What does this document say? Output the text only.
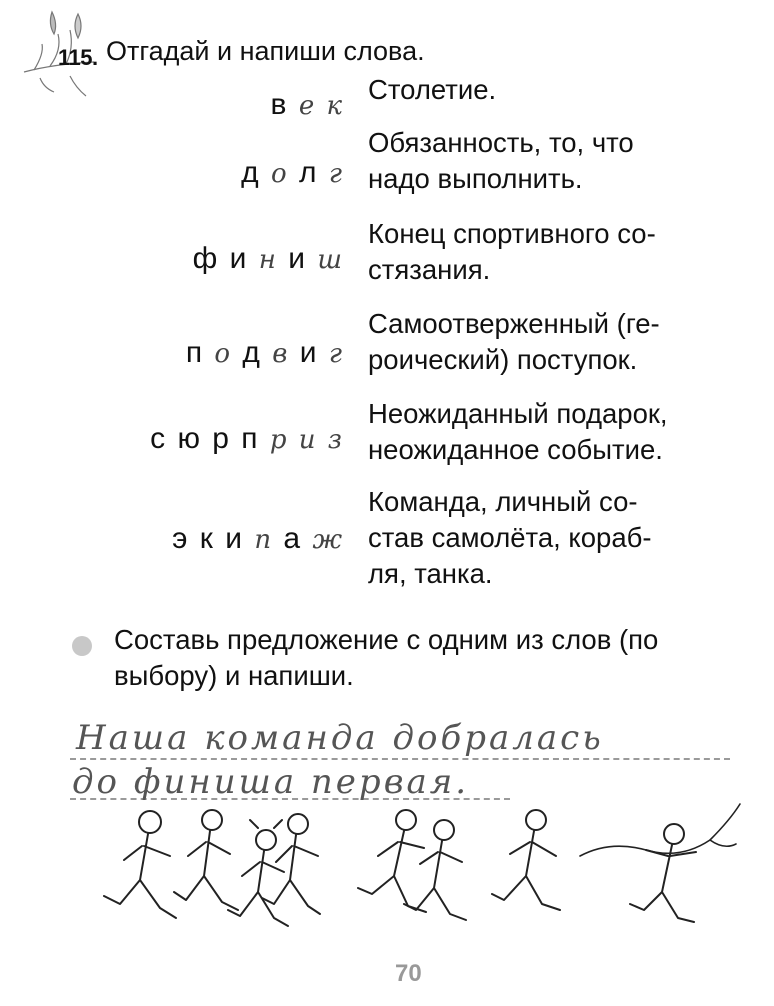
115. Отгадай и напиши слова.
в е к
Столетие.
д о л г
Обязанность, то, что
надо выполнить.
ф и н и ш
Конец спортивного со-
стязания.
п о д в и г
Самоотверженный (ге-
роический) поступок.
с ю р п р и з
Неожиданный подарок,
неожиданное событие.
э к и п а ж
Команда, личный со-
став самолёта, кораб-
ля, танка.
Составь предложение с одним из слов (по
выбору) и напиши.
Наша команда добралась
до финиша первая.
70
